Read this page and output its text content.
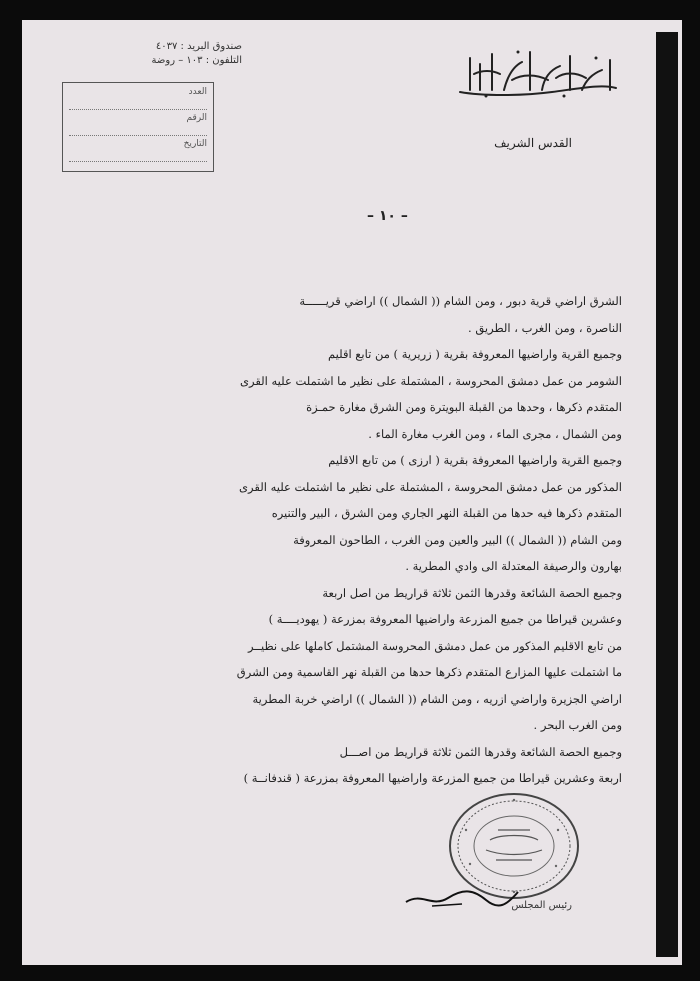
صندوق البريد : ٤٠٣٧
التلفون : ١٠٣ – روضة
العدد
الرقم
التاريخ	القدس الشريف
– ١٠ –
الشرق اراضي قرية دبور ، ومن الشام (( الشمال )) اراضي قريــــــة
الناصرة ، ومن الغرب ، الطريق .
وجميع القرية واراضيها المعروفة بقرية ( زريرية ) من تابع اقليم
الشومر من عمل دمشق المحروسة ، المشتملة على نظير ما اشتملت عليه القرى
المتقدم ذكرها ، وحدها من القبلة البويترة ومن الشرق مغارة حمـزة
ومن الشمال ، مجرى الماء ، ومن الغرب مغارة الماء .
وجميع القرية واراضيها المعروفة بقرية ( ارزى ) من تابع الاقليم
المذكور من عمل دمشق المحروسة ، المشتملة على نظير ما اشتملت عليه القرى
المتقدم ذكرها فيه حدها من القبلة النهر الجاري ومن الشرق ، البير والتنيره
ومن الشام (( الشمال )) البير والعين ومن الغرب ، الطاحون المعروفة
بهارون والرصيفة المعتدلة الى وادي المطرية .
وجميع الحصة الشائعة وقدرها الثمن ثلاثة قراريط من اصل اربعة
وعشرين قيراطا من جميع المزرعة واراضيها المعروفة بمزرعة ( يهوديــــة )
من تابع الاقليم المذكور من عمل دمشق المحروسة المشتمل كاملها على نظيــر
ما اشتملت عليها المزارع المتقدم ذكرها حدها من القبلة نهر القاسمية ومن الشرق
اراضي الجزيرة واراضي ازريه ، ومن الشام (( الشمال )) اراضي خربة المطرية
ومن الغرب البحر .
وجميع الحصة الشائعة وقدرها الثمن ثلاثة قراريط من اصـــل
اربعة وعشرين قيراطا من جميع المزرعة واراضيها المعروفة بمزرعة ( قندفانــة )
رئيس المجلس
